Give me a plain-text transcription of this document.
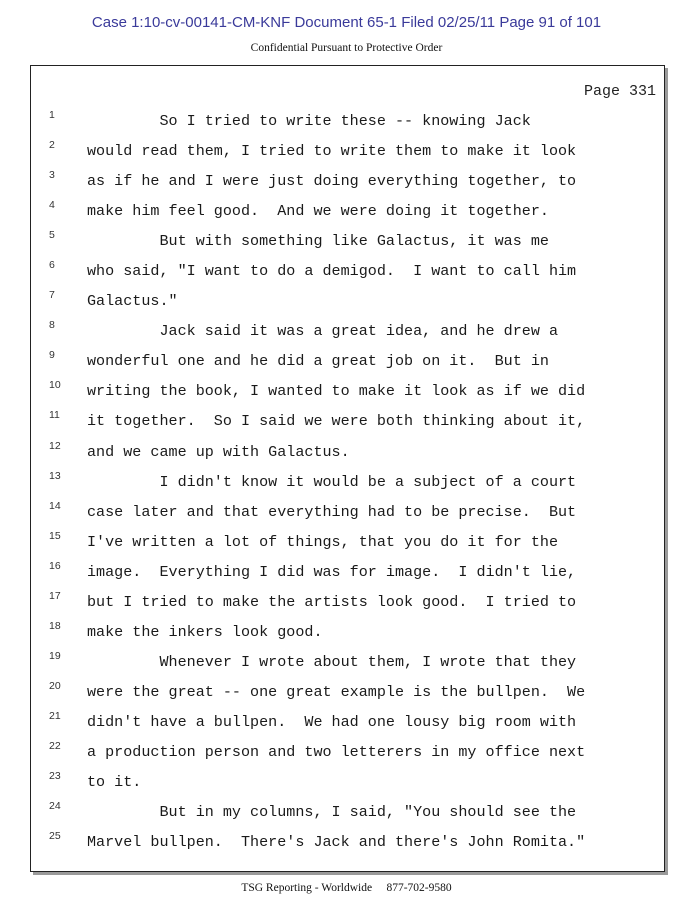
Case 1:10-cv-00141-CM-KNF Document 65-1 Filed 02/25/11 Page 91 of 101
Confidential Pursuant to Protective Order
Page 331
1 So I tried to write these -- knowing Jack
2 would read them, I tried to write them to make it look
3 as if he and I were just doing everything together, to
4 make him feel good.  And we were doing it together.
5 But with something like Galactus, it was me
6 who said, "I want to do a demigod.  I want to call him
7 Galactus."
8 Jack said it was a great idea, and he drew a
9 wonderful one and he did a great job on it.  But in
10 writing the book, I wanted to make it look as if we did
11 it together.  So I said we were both thinking about it,
12 and we came up with Galactus.
13 I didn't know it would be a subject of a court
14 case later and that everything had to be precise.  But
15 I've written a lot of things, that you do it for the
16 image.  Everything I did was for image.  I didn't lie,
17 but I tried to make the artists look good.  I tried to
18 make the inkers look good.
19 Whenever I wrote about them, I wrote that they
20 were the great -- one great example is the bullpen.  We
21 didn't have a bullpen.  We had one lousy big room with
22 a production person and two letterers in my office next
23 to it.
24 But in my columns, I said, "You should see the
25 Marvel bullpen.  There's Jack and there's John Romita."
TSG Reporting - Worldwide     877-702-9580
